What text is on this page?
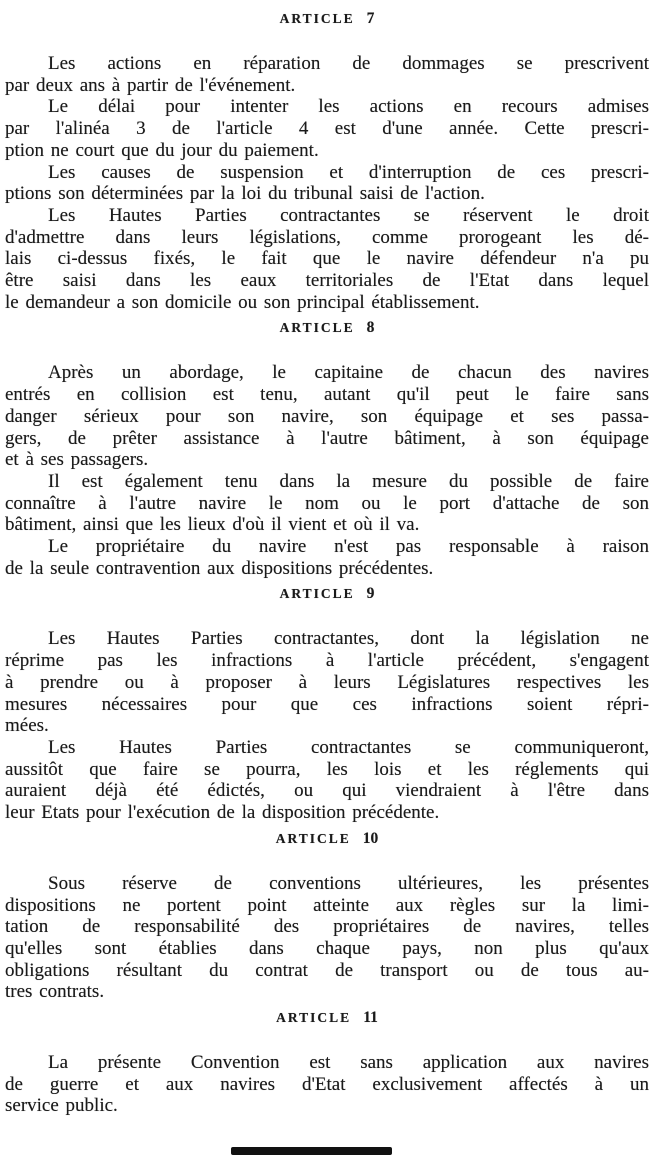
ARTICLE 7
Les actions en réparation de dommages se prescrivent
par deux ans à partir de l'événement.
Le délai pour intenter les actions en recours admises
par l'alinéa 3 de l'article 4 est d'une année. Cette prescri-
ption ne court que du jour du paiement.
Les causes de suspension et d'interruption de ces prescri-
ptions son déterminées par la loi du tribunal saisi de l'action.
Les Hautes Parties contractantes se réservent le droit
d'admettre dans leurs législations, comme prorogeant les dé-
lais ci-dessus fixés, le fait que le navire défendeur n'a pu
être saisi dans les eaux territoriales de l'Etat dans lequel
le demandeur a son domicile ou son principal établissement.
ARTICLE 8
Après un abordage, le capitaine de chacun des navires
entrés en collision est tenu, autant qu'il peut le faire sans
danger sérieux pour son navire, son équipage et ses passa-
gers, de prêter assistance à l'autre bâtiment, à son équipage
et à ses passagers.
Il est également tenu dans la mesure du possible de faire
connaître à l'autre navire le nom ou le port d'attache de son
bâtiment, ainsi que les lieux d'où il vient et où il va.
Le propriétaire du navire n'est pas responsable à raison
de la seule contravention aux dispositions précédentes.
ARTICLE 9
Les Hautes Parties contractantes, dont la législation ne
réprime pas les infractions à l'article précédent, s'engagent
à prendre ou à proposer à leurs Législatures respectives les
mesures nécessaires pour que ces infractions soient répri-
mées.
Les Hautes Parties contractantes se communiqueront,
aussitôt que faire se pourra, les lois et les réglements qui
auraient déjà été édictés, ou qui viendraient à l'être dans
leur Etats pour l'exécution de la disposition précédente.
ARTICLE 10
Sous réserve de conventions ultérieures, les présentes
dispositions ne portent point atteinte aux règles sur la limi-
tation de responsabilité des propriétaires de navires, telles
qu'elles sont établies dans chaque pays, non plus qu'aux
obligations résultant du contrat de transport ou de tous au-
tres contrats.
ARTICLE 11
La présente Convention est sans application aux navires
de guerre et aux navires d'Etat exclusivement affectés à un
service public.
